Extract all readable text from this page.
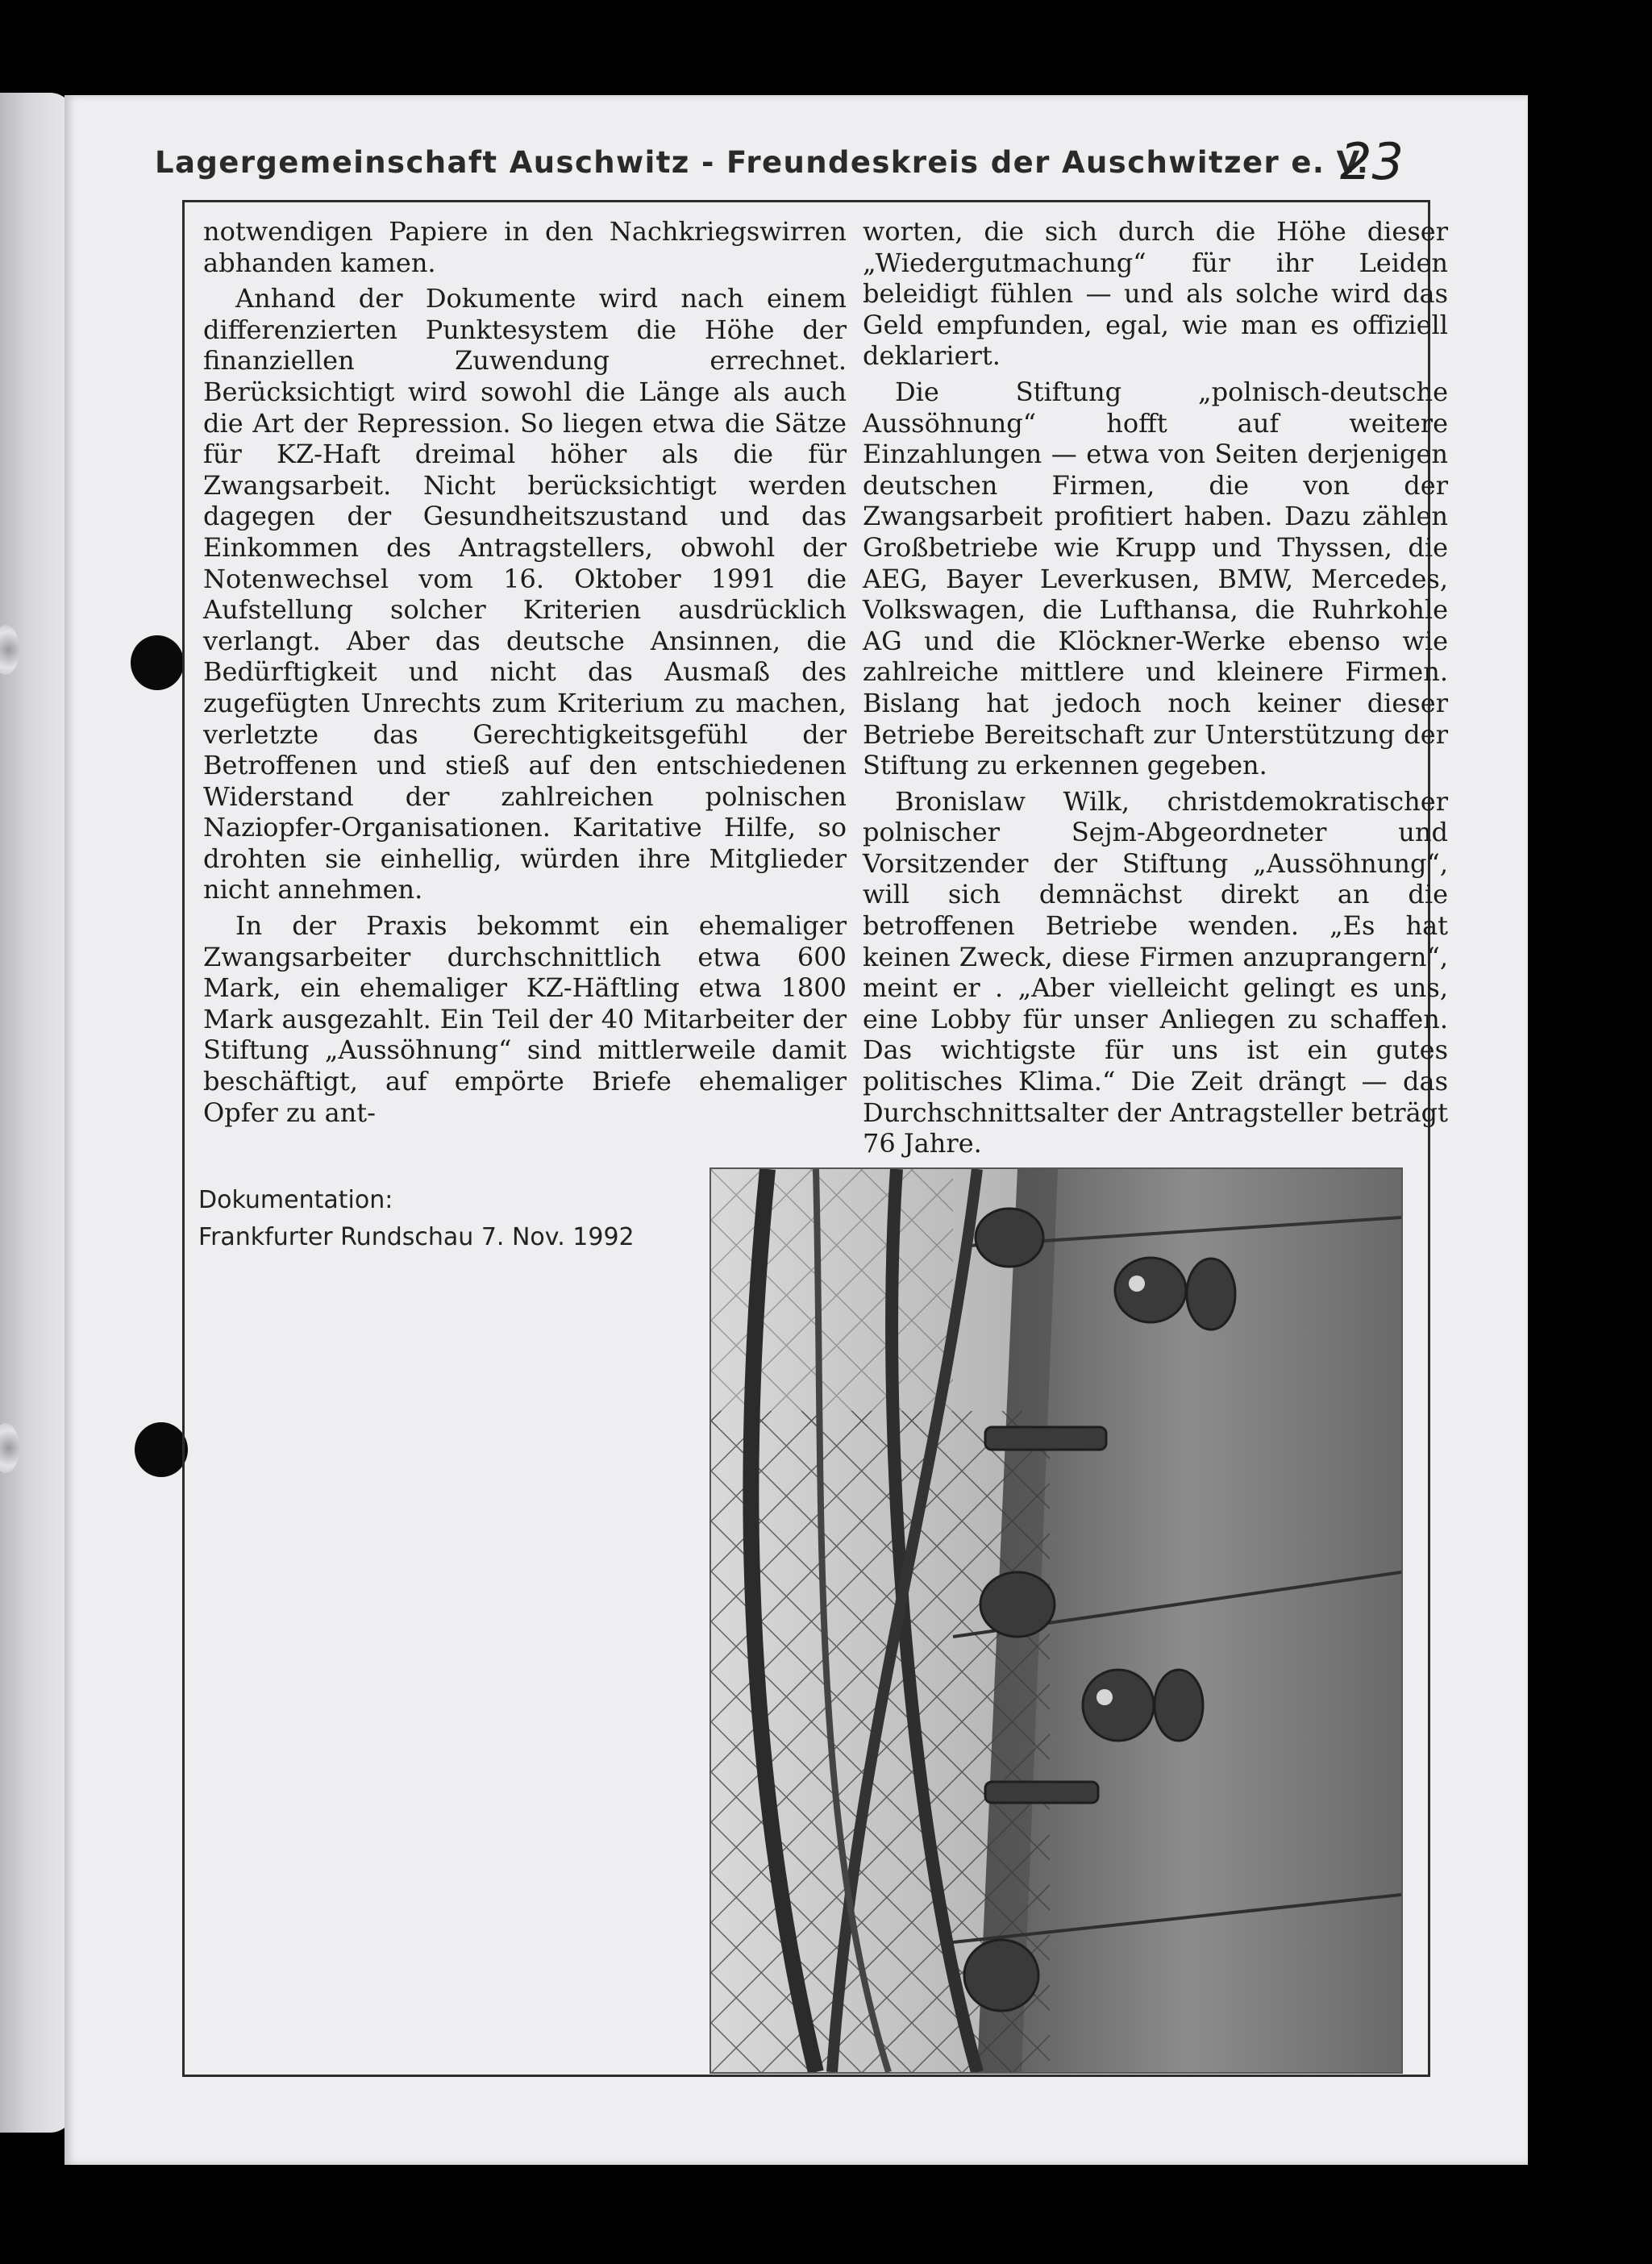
Lagergemeinschaft Auschwitz - Freundeskreis der Auschwitzer e. V.
23

notwendigen Papiere in den Nachkriegswirren abhanden kamen.

Anhand der Dokumente wird nach einem differenzierten Punktesystem die Höhe der finanziellen Zuwendung errechnet. Berücksichtigt wird sowohl die Länge als auch die Art der Repression. So liegen etwa die Sätze für KZ-Haft dreimal höher als die für Zwangsarbeit. Nicht berücksichtigt werden dagegen der Gesundheitszustand und das Einkommen des Antragstellers, obwohl der Notenwechsel vom 16. Oktober 1991 die Aufstellung solcher Kriterien ausdrücklich verlangt. Aber das deutsche Ansinnen, die Bedürftigkeit und nicht das Ausmaß des zugefügten Unrechts zum Kriterium zu machen, verletzte das Gerechtigkeitsgefühl der Betroffenen und stieß auf den entschiedenen Widerstand der zahlreichen polnischen Naziopfer-Organisationen. Karitative Hilfe, so drohten sie einhellig, würden ihre Mitglieder nicht annehmen.

In der Praxis bekommt ein ehemaliger Zwangsarbeiter durchschnittlich etwa 600 Mark, ein ehemaliger KZ-Häftling etwa 1800 Mark ausgezahlt. Ein Teil der 40 Mitarbeiter der Stiftung „Aussöhnung“ sind mittlerweile damit beschäftigt, auf empörte Briefe ehemaliger Opfer zu ant-

worten, die sich durch die Höhe dieser „Wiedergutmachung“ für ihr Leiden beleidigt fühlen — und als solche wird das Geld empfunden, egal, wie man es offiziell deklariert.

Die Stiftung „polnisch-deutsche Aussöhnung“ hofft auf weitere Einzahlungen — etwa von Seiten derjenigen deutschen Firmen, die von der Zwangsarbeit profitiert haben. Dazu zählen Großbetriebe wie Krupp und Thyssen, die AEG, Bayer Leverkusen, BMW, Mercedes, Volkswagen, die Lufthansa, die Ruhrkohle AG und die Klöckner-Werke ebenso wie zahlreiche mittlere und kleinere Firmen. Bislang hat jedoch noch keiner dieser Betriebe Bereitschaft zur Unterstützung der Stiftung zu erkennen gegeben.

Bronislaw Wilk, christdemokratischer polnischer Sejm-Abgeordneter und Vorsitzender der Stiftung „Aussöhnung“, will sich demnächst direkt an die betroffenen Betriebe wenden. „Es hat keinen Zweck, diese Firmen anzuprangern“, meint er . „Aber vielleicht gelingt es uns, eine Lobby für unser Anliegen zu schaffen. Das wichtigste für uns ist ein gutes politisches Klima.“ Die Zeit drängt — das Durchschnittsalter der Antragsteller beträgt 76 Jahre.

Dokumentation:
Frankfurter Rundschau 7. Nov. 1992
